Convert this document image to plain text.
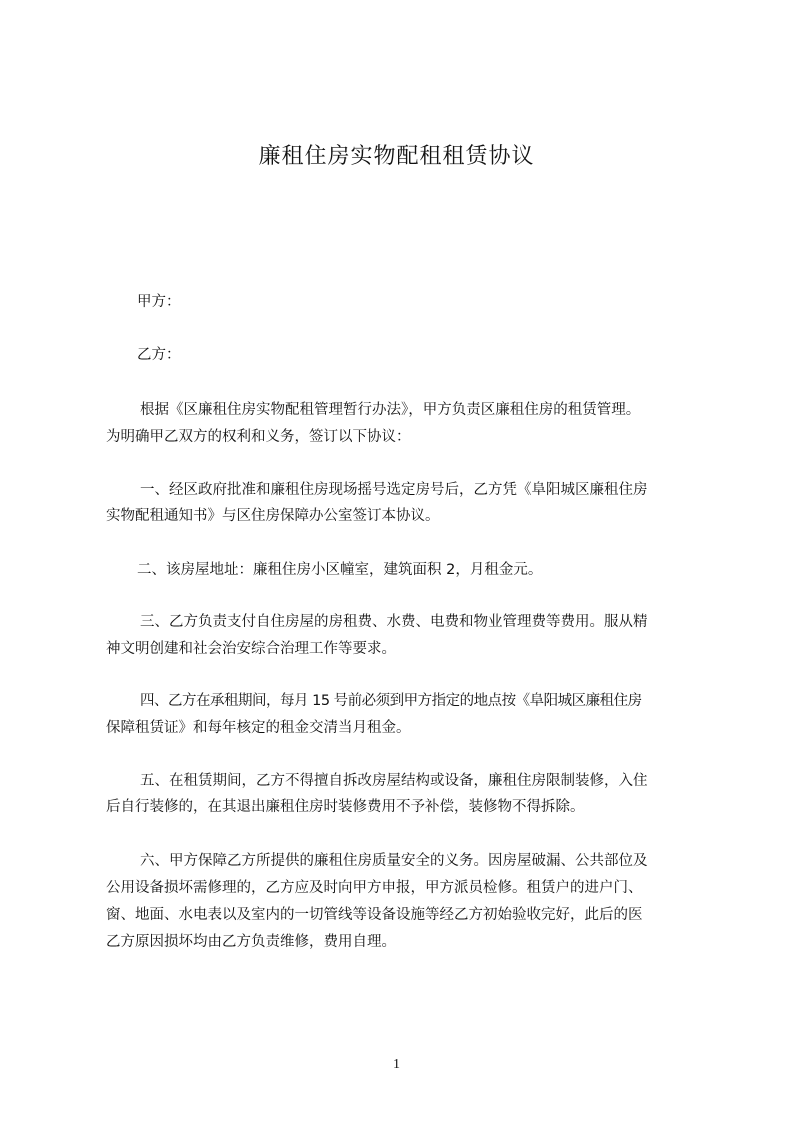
廉租住房实物配租租赁协议

甲方：

乙方：

根据《区廉租住房实物配租管理暂行办法》，甲方负责区廉租住房的租赁管理。

为明确甲乙双方的权利和义务，签订以下协议：

一、经区政府批准和廉租住房现场摇号选定房号后，乙方凭《阜阳城区廉租住房

实物配租通知书》与区住房保障办公室签订本协议。

二、该房屋地址：廉租住房小区幢室，建筑面积 2，月租金元。

三、乙方负责支付自住房屋的房租费、水费、电费和物业管理费等费用。服从精

神文明创建和社会治安综合治理工作等要求。

四、乙方在承租期间，每月 15 号前必须到甲方指定的地点按《阜阳城区廉租住房

保障租赁证》和每年核定的租金交清当月租金。

五、在租赁期间，乙方不得擅自拆改房屋结构或设备，廉租住房限制装修，入住

后自行装修的，在其退出廉租住房时装修费用不予补偿，装修物不得拆除。

六、甲方保障乙方所提供的廉租住房质量安全的义务。因房屋破漏、公共部位及

公用设备损坏需修理的，乙方应及时向甲方申报，甲方派员检修。租赁户的进户门、

窗、地面、水电表以及室内的一切管线等设备设施等经乙方初始验收完好，此后的医

乙方原因损坏均由乙方负责维修，费用自理。

1
